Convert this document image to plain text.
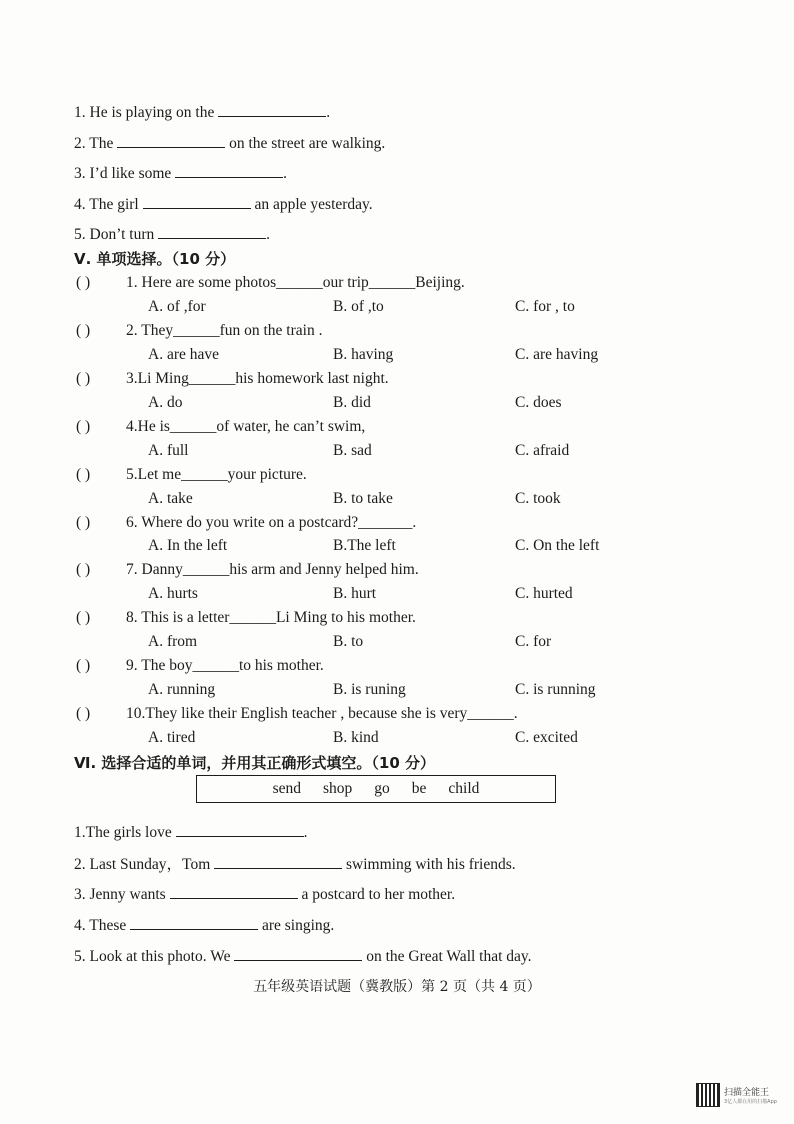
1. He is playing on the	.
2. The	on the street are walking.
3. I’d like some	.
4. The girl	an apple yesterday.
5. Don’t turn	.
Ⅴ. 单项选择。（10 分）
( ) 1. Here are some photos______our trip______Beijing.
A. of ,for	B. of ,to	C. for , to
( ) 2. They______fun on the train .
A. are have	B. having	C. are having
( ) 3.Li Ming______his homework last night.
A. do	B. did	C. does
( ) 4.He is______of water, he can’t swim,
A. full	B. sad	C. afraid
( ) 5.Let me______your picture.
A. take	B. to take	C. took
( ) 6. Where do you write on a postcard?_______.
A. In the left	B.The left	C. On the left
( ) 7. Danny______his arm and Jenny helped him.
A. hurts	B. hurt	C. hurted
( ) 8. This is a letter______Li Ming to his mother.
A. from	B. to	C. for
( ) 9. The boy______to his mother.
A. running	B. is runing	C. is running
( ) 10.They like their English teacher , because she is very______.
A. tired	B. kind	C. excited
Ⅵ. 选择合适的单词，并用其正确形式填空。（10 分）
send shop go be child
1.The girls love	.
2. Last Sunday，Tom	swimming with his friends.
3. Jenny wants	a postcard to her mother.
4. These	are singing.
5. Look at this photo. We	on the Great Wall that day.
五年级英语试题（冀教版）第 2 页（共 4 页）
扫描全能王
3亿人都在用的扫描App
